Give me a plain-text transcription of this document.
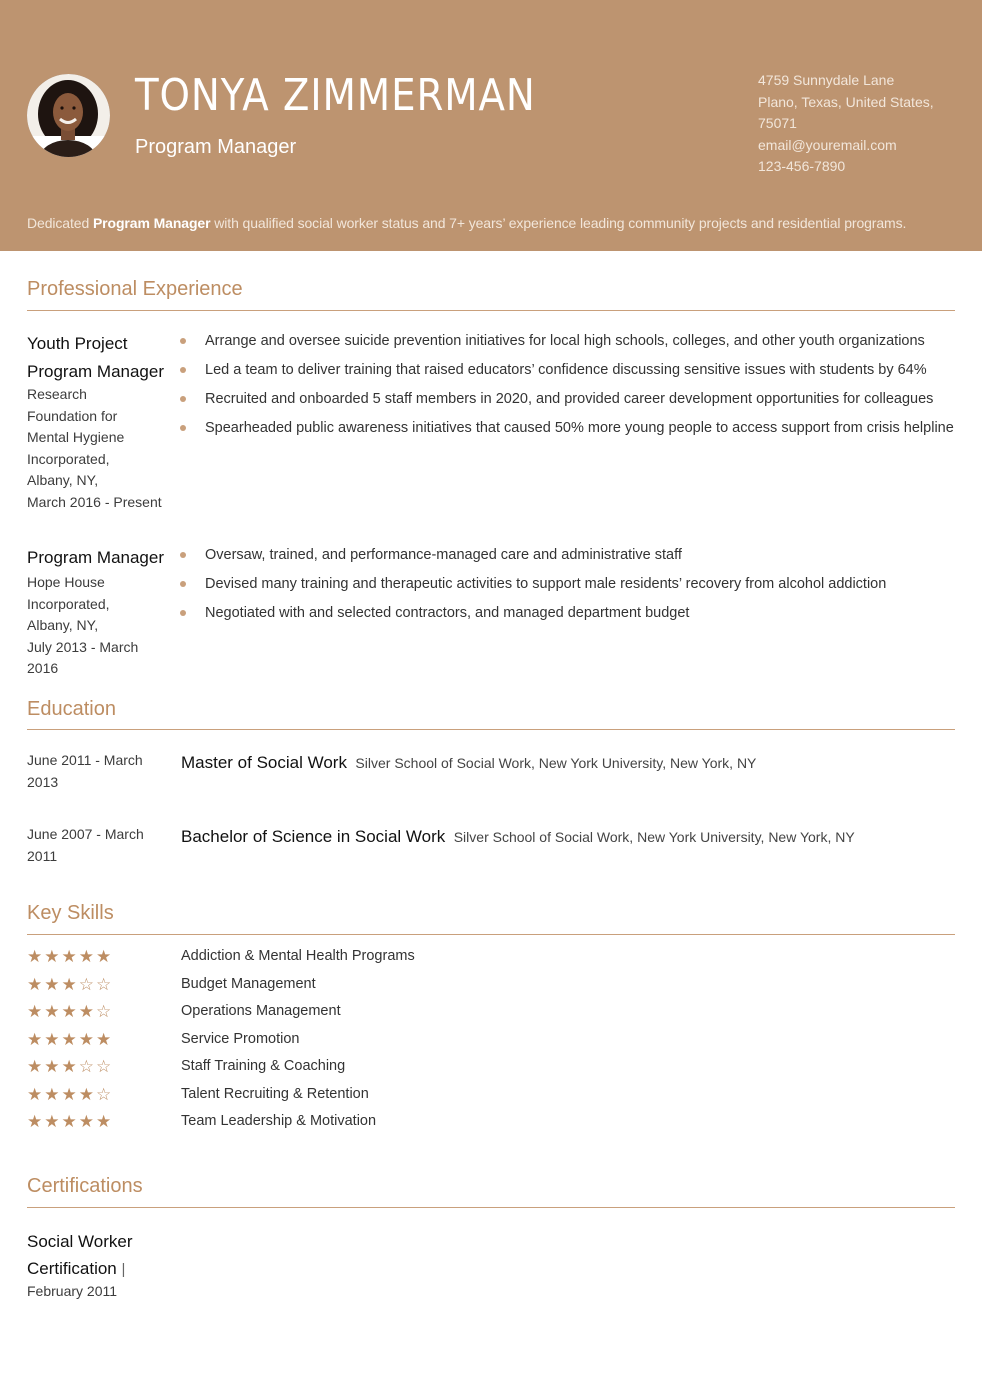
TONYA ZIMMERMAN
Program Manager
4759 Sunnydale Lane
Plano, Texas, United States,
75071
email@youremail.com
123-456-7890
Dedicated Program Manager with qualified social worker status and 7+ years’ experience leading community projects and residential programs.
Professional Experience
Youth Project
Program Manager
Research
Foundation for
Mental Hygiene
Incorporated,
Albany, NY,
March 2016 - Present
Arrange and oversee suicide prevention initiatives for local high schools, colleges, and other youth organizations
Led a team to deliver training that raised educators’ confidence discussing sensitive issues with students by 64%
Recruited and onboarded 5 staff members in 2020, and provided career development opportunities for colleagues
Spearheaded public awareness initiatives that caused 50% more young people to access support from crisis helpline
Program Manager
Hope House
Incorporated,
Albany, NY,
July 2013 - March
2016
Oversaw, trained, and performance-managed care and administrative staff
Devised many training and therapeutic activities to support male residents’ recovery from alcohol addiction
Negotiated with and selected contractors, and managed department budget
Education
June 2011 - March
2013
Master of Social Work Silver School of Social Work, New York University, New York, NY
June 2007 - March
2011
Bachelor of Science in Social Work Silver School of Social Work, New York University, New York, NY
Key Skills
★★★★★	Addiction & Mental Health Programs
★★★☆☆	Budget Management
★★★★☆	Operations Management
★★★★★	Service Promotion
★★★☆☆	Staff Training & Coaching
★★★★☆	Talent Recruiting & Retention
★★★★★	Team Leadership & Motivation
Certifications
Social Worker
Certification |
February 2011
